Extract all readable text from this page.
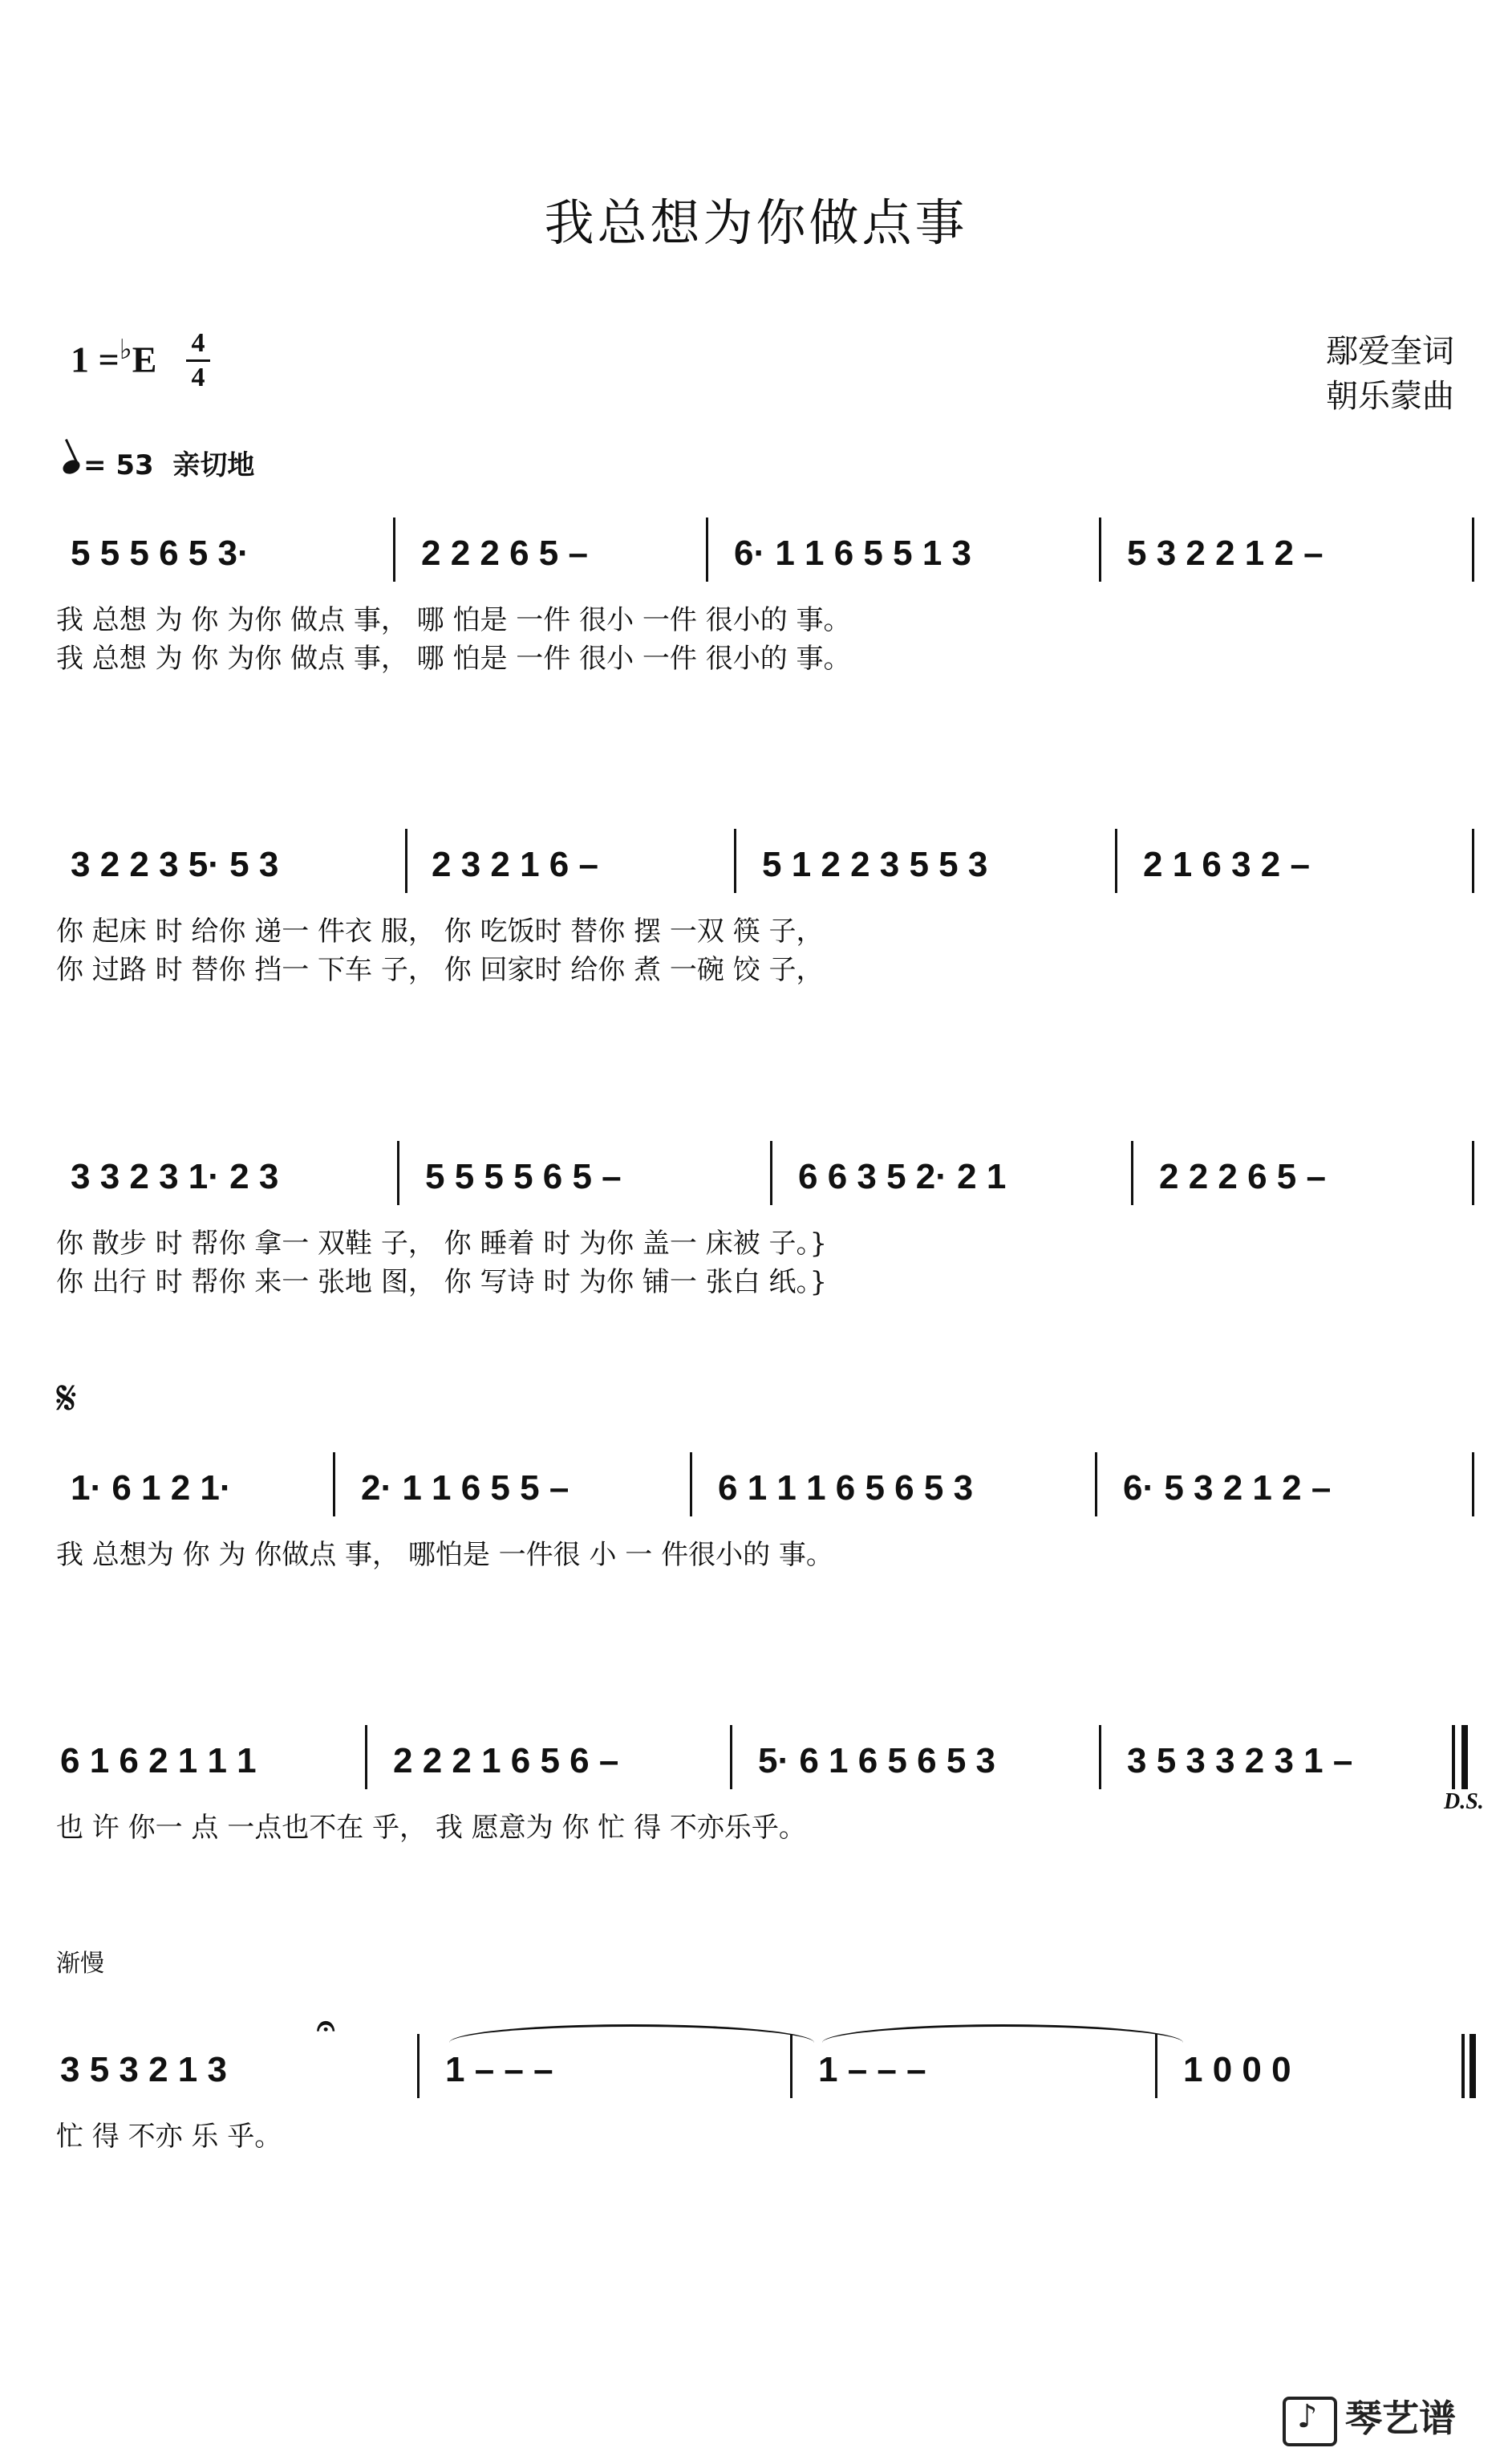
我总想为你做点事
1 =♭E 4
4
鄢爱奎词
朝乐蒙曲
= 53 亲切地
5 5 5 6 5 3·	2 2 2 6 5 –	6· 1 1 6 5 5 1 3	5 3 2 2 1 2 –
我 总想 为 你 为你 做点 事， 哪 怕是 一件 很小 一件 很小的 事。
我 总想 为 你 为你 做点 事， 哪 怕是 一件 很小 一件 很小的 事。
3 2 2 3 5· 5 3	2 3 2 1 6 –	5 1 2 2 3 5 5 3	2 1 6 3 2 –
你 起床 时 给你 递一 件衣 服， 你 吃饭时 替你 摆 一双 筷 子，
你 过路 时 替你 挡一 下车 子， 你 回家时 给你 煮 一碗 饺 子，
3 3 2 3 1· 2 3	5 5 5 5 6 5 –	6 6 3 5 2· 2 1	2 2 2 6 5 –
你 散步 时 帮你 拿一 双鞋 子， 你 睡着 时 为你 盖一 床被 子。}
你 出行 时 帮你 来一 张地 图， 你 写诗 时 为你 铺一 张白 纸。}
𝄋
1· 6 1 2 1·	2· 1 1 6 5 5 –	6 1 1 1 6 5 6 5 3	6· 5 3 2 1 2 –
我 总想为 你 为 你做点 事， 哪怕是 一件很 小 一 件很小的 事。
6 1 6 2 1 1 1	2 2 2 1 6 5 6 –	5· 6 1 6 5 6 5 3	3 5 3 3 2 3 1 –
也 许 你一 点 一点也不在 乎， 我 愿意为 你 忙 得 不亦乐乎。
D.S.
渐慢
3 5 3 2 1 3
𝄐
1 – – –	1 – – –	1 0 0 0
忙 得 不亦 乐 乎。
♪琴艺谱
